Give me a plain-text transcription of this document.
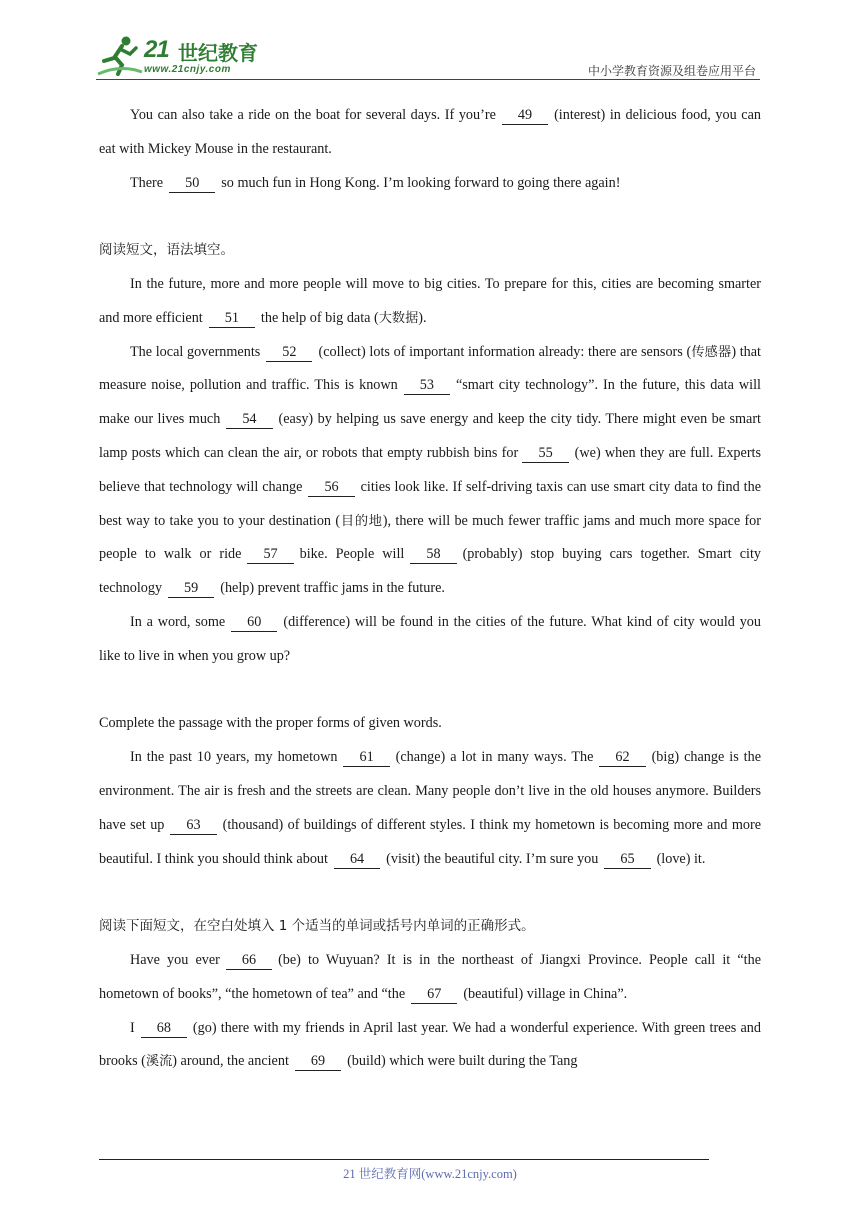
21 世纪教育
www.21cnjy.com	中小学教育资源及组卷应用平台

You can also take a ride on the boat for several days. If you’re 49 (interest) in delicious food, you can eat with Mickey Mouse in the restaurant.

There 50 so much fun in Hong Kong. I’m looking forward to going there again!

阅读短文，语法填空。

In the future, more and more people will move to big cities. To prepare for this, cities are becoming smarter and more efficient 51 the help of big data (大数据).

The local governments 52 (collect) lots of important information already: there are sensors (传感器) that measure noise, pollution and traffic. This is known 53 “smart city technology”. In the future, this data will make our lives much 54 (easy) by helping us save energy and keep the city tidy. There might even be smart lamp posts which can clean the air, or robots that empty rubbish bins for 55 (we) when they are full. Experts believe that technology will change 56 cities look like. If self-driving taxis can use smart city data to find the best way to take you to your destination (目的地), there will be much fewer traffic jams and much more space for people to walk or ride 57 bike. People will 58 (probably) stop buying cars together. Smart city technology 59 (help) prevent traffic jams in the future.

In a word, some 60 (difference) will be found in the cities of the future. What kind of city would you like to live in when you grow up?

Complete the passage with the proper forms of given words.

In the past 10 years, my hometown 61 (change) a lot in many ways. The 62 (big) change is the environment. The air is fresh and the streets are clean. Many people don’t live in the old houses anymore. Builders have set up 63 (thousand) of buildings of different styles. I think my hometown is becoming more and more beautiful. I think you should think about 64 (visit) the beautiful city. I’m sure you 65 (love) it.

阅读下面短文，在空白处填入 1 个适当的单词或括号内单词的正确形式。

Have you ever 66 (be) to Wuyuan? It is in the northeast of Jiangxi Province. People call it “the hometown of books”, “the hometown of tea” and “the 67 (beautiful) village in China”.

I 68 (go) there with my friends in April last year. We had a wonderful experience. With green trees and brooks (溪流) around, the ancient 69 (build) which were built during the Tang

21 世纪教育网(www.21cnjy.com)
